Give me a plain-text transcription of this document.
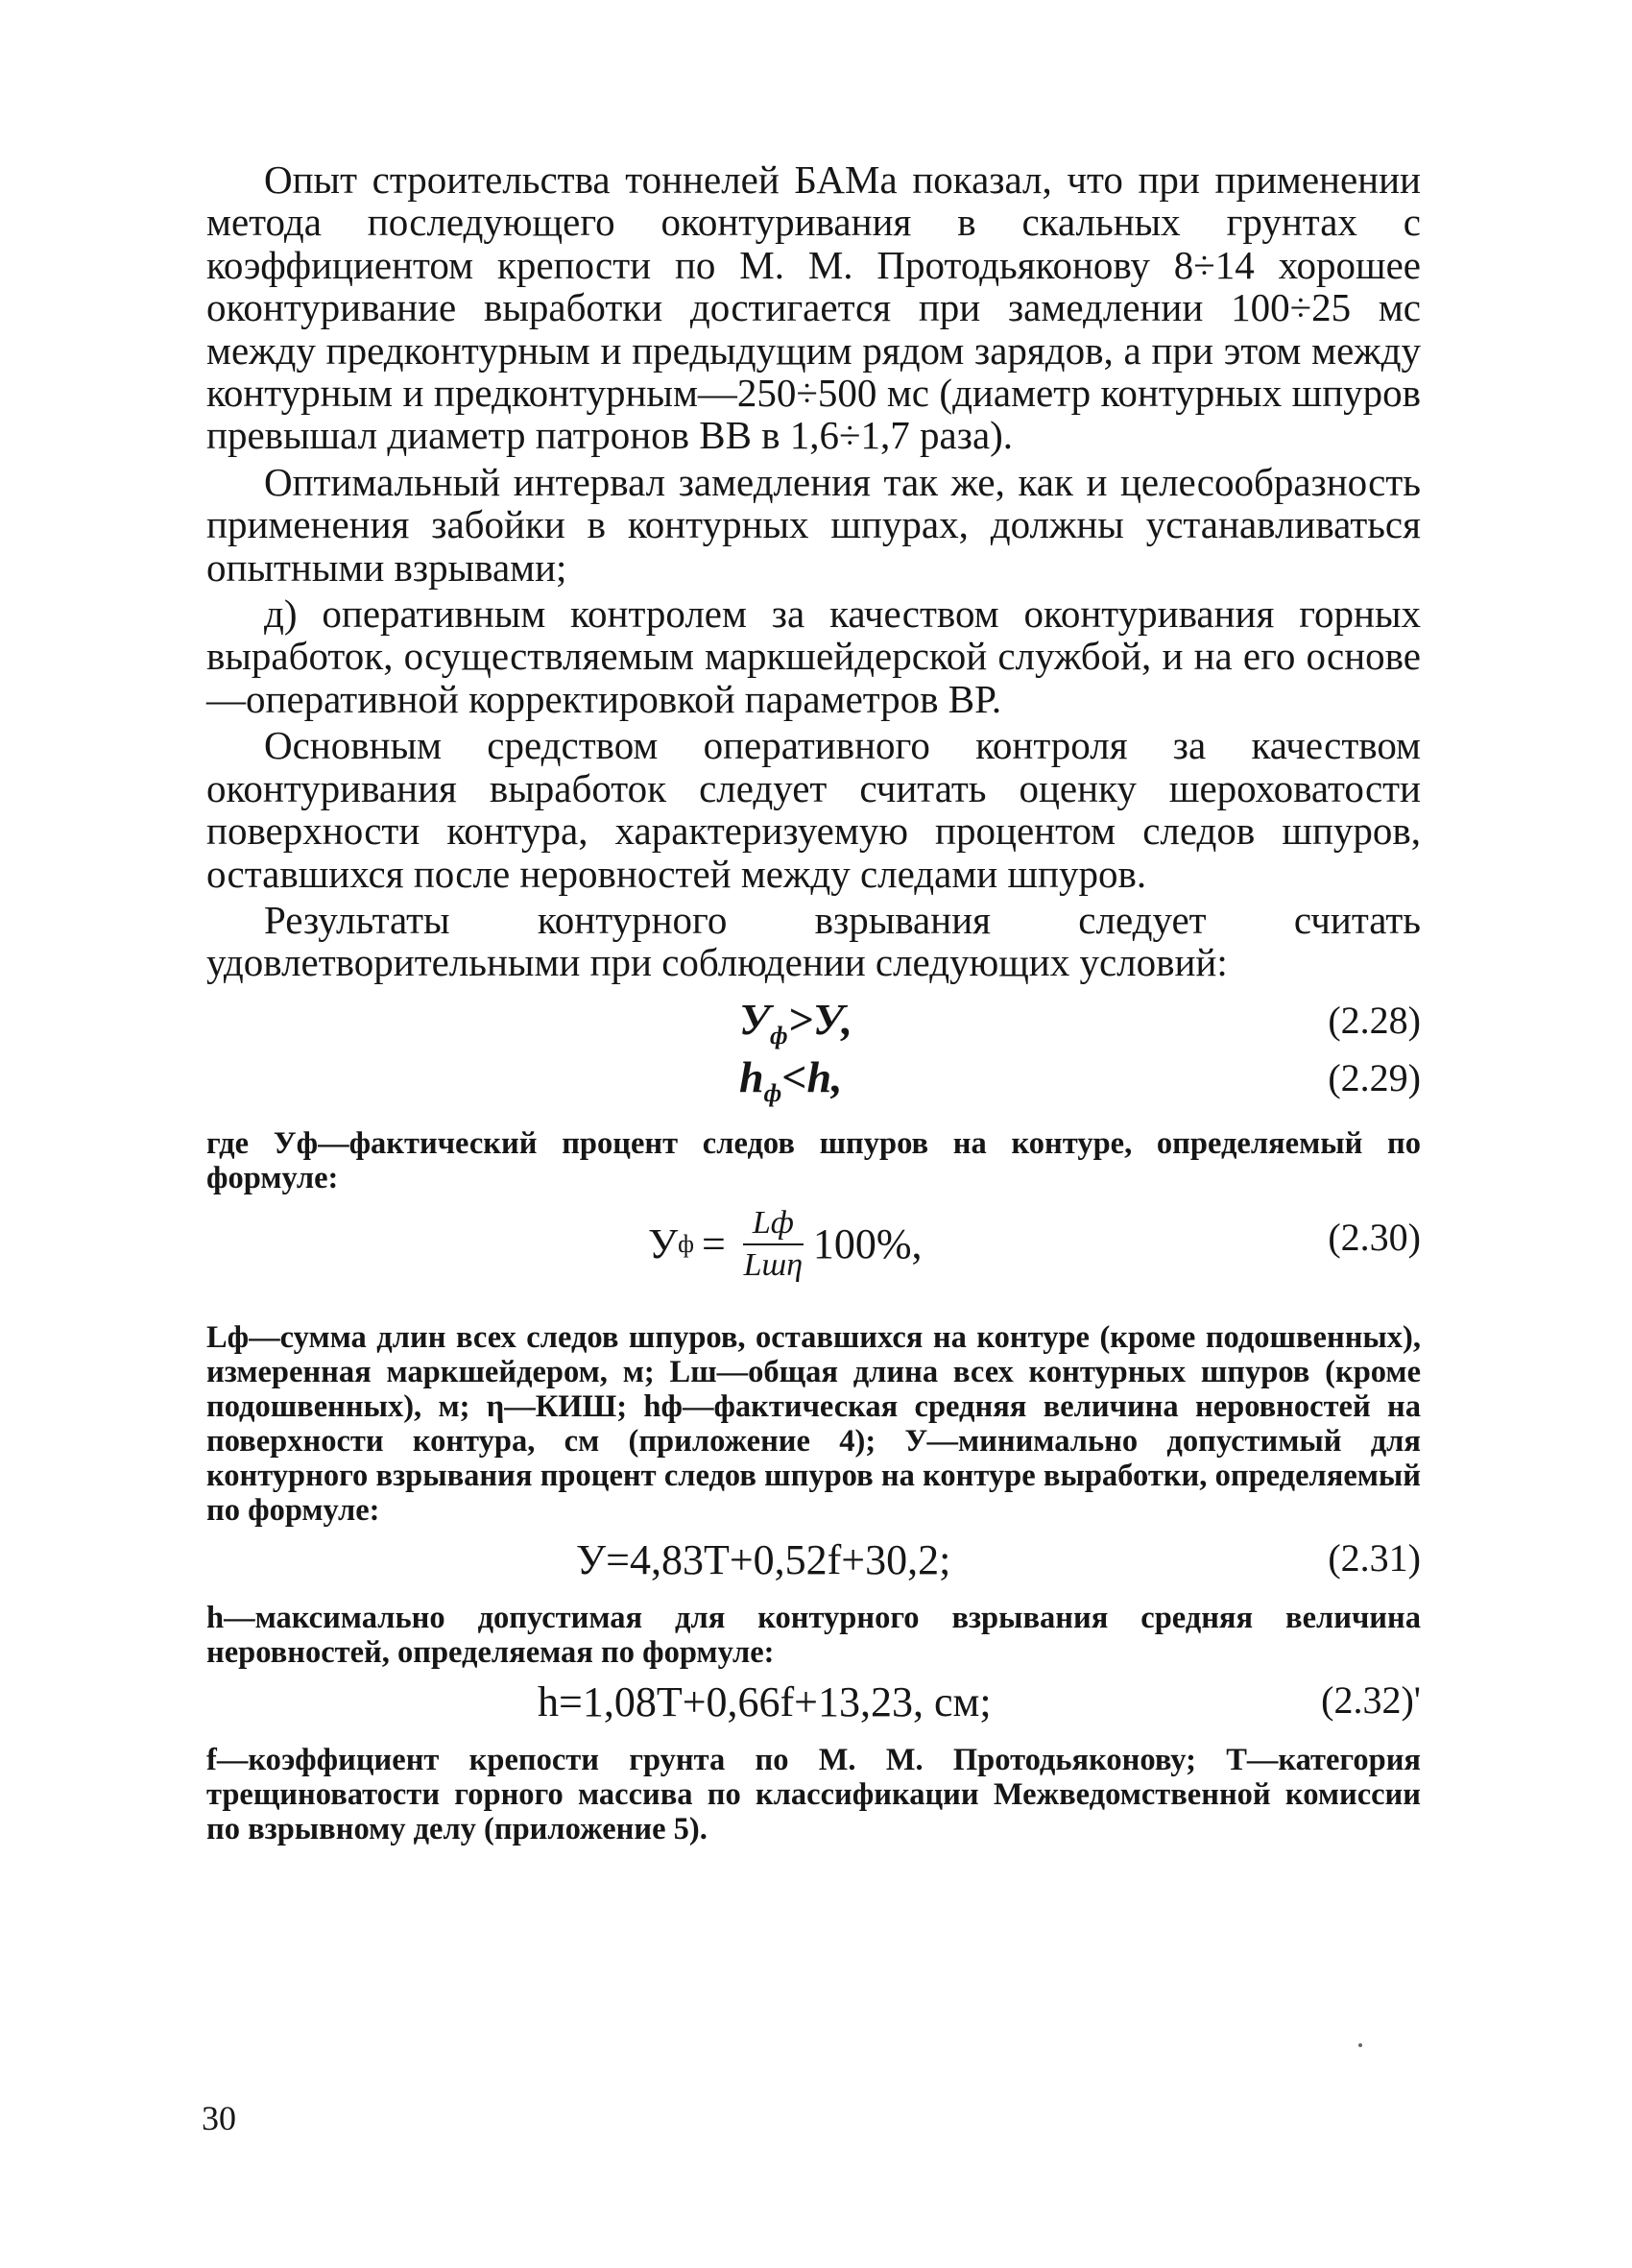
Опыт строительства тоннелей БАМа показал, что при применении метода последующего оконтуривания в скальных грунтах с коэффициентом крепости по М. М. Протодьяконову 8÷14 хорошее оконтуривание выработки достигается при замедлении 100÷25 мс между предконтурным и предыдущим рядом зарядов, а при этом между контурным и предконтурным—250÷500 мс (диаметр контурных шпуров превышал диаметр патронов ВВ в 1,6÷1,7 раза).

Оптимальный интервал замедления так же, как и целесообразность применения забойки в контурных шпурах, должны устанавливаться опытными взрывами;

д) оперативным контролем за качеством оконтуривания горных выработок, осуществляемым маркшейдерской службой, и на его основе—оперативной корректировкой параметров ВР.

Основным средством оперативного контроля за качеством оконтуривания выработок следует считать оценку шероховатости поверхности контура, характеризуемую процентом следов шпуров, оставшихся после неровностей между следами шпуров.

Результаты контурного взрывания следует считать удовлетворительными при соблюдении следующих условий:

$У_ф>У$,	(2.28)
$h_ф<h$,	(2.29)

где Уф—фактический процент следов шпуров на контуре, определяемый по формуле:

У $ф = \frac{Lф}{\text{Lшη}} 100\%$,	(2.30)

Lф—сумма длин всех следов шпуров, оставшихся на контуре (кроме подошвенных), измеренная маркшейдером, м; Lш—общая длина всех контурных шпуров (кроме подошвенных), м; η—КИШ; hф—фактическая средняя величина неровностей на поверхности контура, см (приложение 4); У—минимально допустимый для контурного взрывания процент следов шпуров на контуре выработки, определяемый по формуле:

У=4,83Т+0,52f+30,2;	(2.31)

h—максимально допустимая для контурного взрывания средняя величина неровностей, определяемая по формуле:

h=1,08Т+0,66f+13,23, см;	(2.32)'

f—коэффициент крепости грунта по М. М. Протодьяконову; Т—категория трещиноватости горного массива по классификации Межведомственной комиссии по взрывному делу (приложение 5).

30
